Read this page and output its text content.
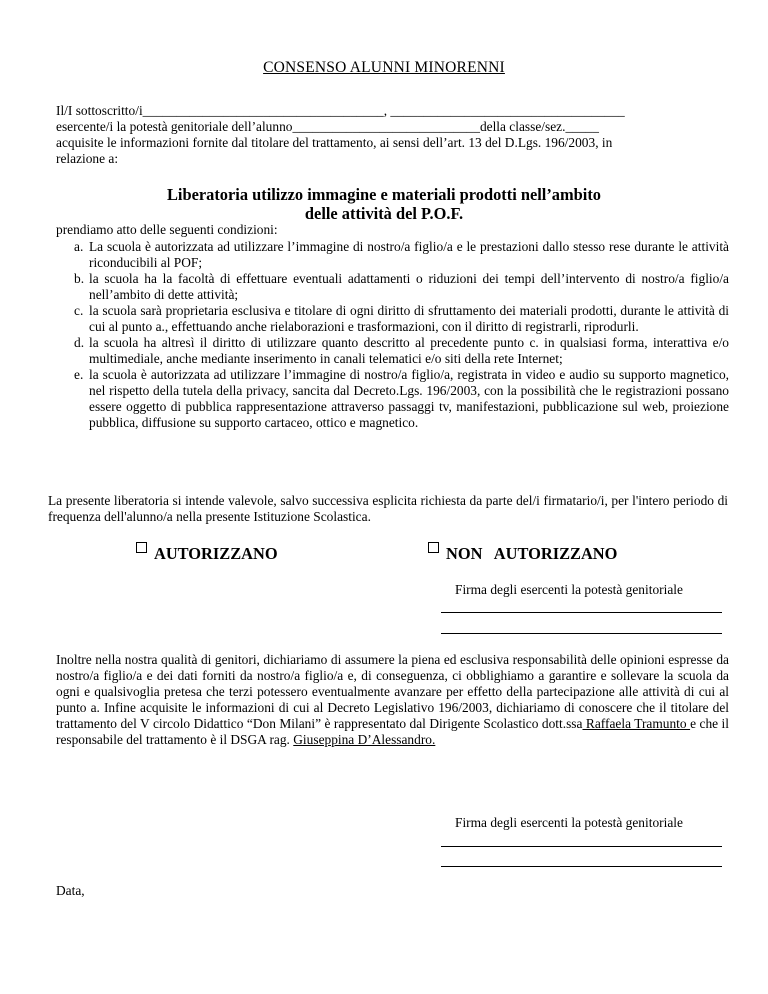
CONSENSO ALUNNI MINORENNI
Il/I sottoscritto/i____________________________________, ___________________________________
esercente/i la potestà genitoriale dell’alunno____________________________della classe/sez._____
acquisite le informazioni fornite dal titolare del trattamento, ai sensi dell’art. 13 del D.Lgs. 196/2003, in
relazione a:
Liberatoria utilizzo immagine e materiali prodotti nell’ambito
delle attività del P.O.F.
prendiamo atto delle seguenti condizioni:
a. La scuola è autorizzata ad utilizzare l’immagine di nostro/a figlio/a e le prestazioni dallo stesso rese durante le attività riconducibili al POF;
b. la scuola ha la facoltà di effettuare eventuali adattamenti o riduzioni dei tempi dell’intervento di nostro/a figlio/a nell’ambito di dette attività;
c. la scuola sarà proprietaria esclusiva e titolare di ogni diritto di sfruttamento dei materiali prodotti, durante le attività di cui al punto a., effettuando anche rielaborazioni e trasformazioni, con il diritto di registrarli, riprodurli.
d. la scuola ha altresì il diritto di utilizzare quanto descritto al precedente punto c. in qualsiasi forma, interattiva e/o multimediale, anche mediante inserimento in canali telematici e/o siti della rete Internet;
e. la scuola è autorizzata ad utilizzare l’immagine di nostro/a figlio/a, registrata in video e audio su supporto magnetico, nel rispetto della tutela della privacy, sancita dal Decreto.Lgs. 196/2003, con la possibilità che le registrazioni possano essere oggetto di pubblica rappresentazione attraverso passaggi tv, manifestazioni, pubblicazione sul web, proiezione pubblica, diffusione su supporto cartaceo, ottico e magnetico.
La presente liberatoria si intende valevole, salvo successiva esplicita richiesta da parte del/i firmatario/i, per l'intero periodo di frequenza dell'alunno/a nella presente Istituzione Scolastica.
AUTORIZZANO	NON   AUTORIZZANO
Firma degli esercenti la potestà genitoriale
Inoltre nella nostra qualità di genitori, dichiariamo di assumere la piena ed esclusiva responsabilità delle opinioni espresse da nostro/a figlio/a e dei dati forniti da nostro/a figlio/a e, di conseguenza, ci obblighiamo a garantire e sollevare la scuola da ogni e qualsivoglia pretesa che terzi potessero eventualmente avanzare per effetto della partecipazione alle attività di cui al punto a. Infine acquisite le informazioni di cui al Decreto Legislativo 196/2003, dichiariamo di conoscere che il titolare del trattamento del V circolo Didattico “Don Milani” è rappresentato dal Dirigente Scolastico dott.ssa Raffaela Tramunto e che il responsabile del trattamento è il DSGA rag. Giuseppina D’Alessandro.
Firma degli esercenti la potestà genitoriale
Data,
